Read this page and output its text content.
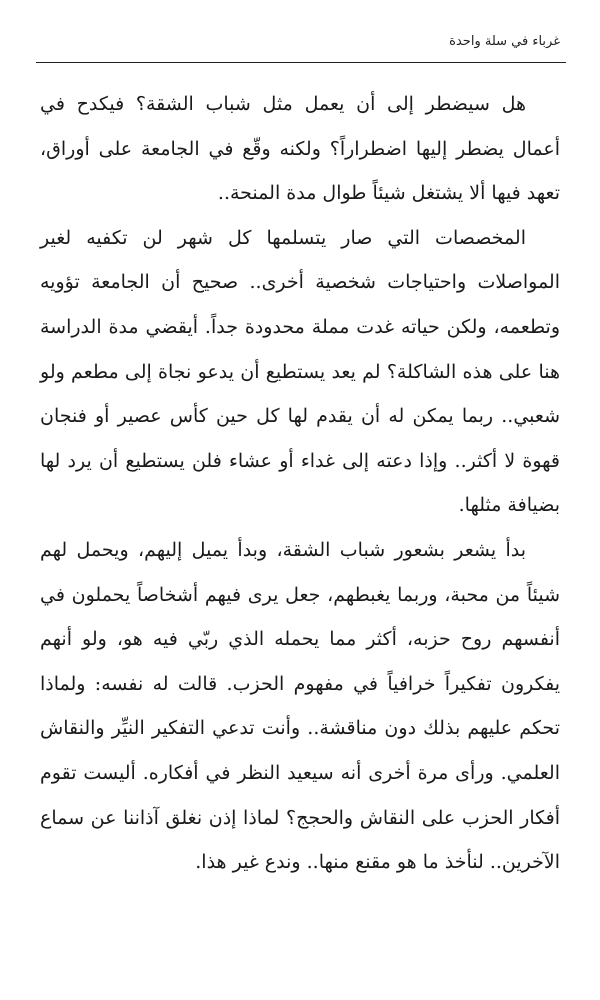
غرباء في سلة واحدة

هل سيضطر إلى أن يعمل مثل شباب الشقة؟ فيكدح في أعمال يضطر إليها اضطراراً؟ ولكنه وقّع في الجامعة على أوراق، تعهد فيها ألا يشتغل شيئاً طوال مدة المنحة..

المخصصات التي صار يتسلمها كل شهر لن تكفيه لغير المواصلات واحتياجات شخصية أخرى.. صحيح أن الجامعة تؤويه وتطعمه، ولكن حياته غدت مملة محدودة جداً. أيقضي مدة الدراسة هنا على هذه الشاكلة؟ لم يعد يستطيع أن يدعو نجاة إلى مطعم ولو شعبي.. ربما يمكن له أن يقدم لها كل حين كأس عصير أو فنجان قهوة لا أكثر.. وإذا دعته إلى غداء أو عشاء فلن يستطيع أن يرد لها بضيافة مثلها.

بدأ يشعر بشعور شباب الشقة، وبدأ يميل إليهم، ويحمل لهم شيئاً من محبة، وربما يغبطهم، جعل يرى فيهم أشخاصاً يحملون في أنفسهم روح حزبه، أكثر مما يحمله الذي ربّي فيه هو، ولو أنهم يفكرون تفكيراً خرافياً في مفهوم الحزب. قالت له نفسه: ولماذا تحكم عليهم بذلك دون مناقشة.. وأنت تدعي التفكير النيِّر والنقاش العلمي. ورأى مرة أخرى أنه سيعيد النظر في أفكاره. أليست تقوم أفكار الحزب على النقاش والحجج؟ لماذا إذن نغلق آذاننا عن سماع الآخرين.. لنأخذ ما هو مقنع منها.. وندع غير هذا.
